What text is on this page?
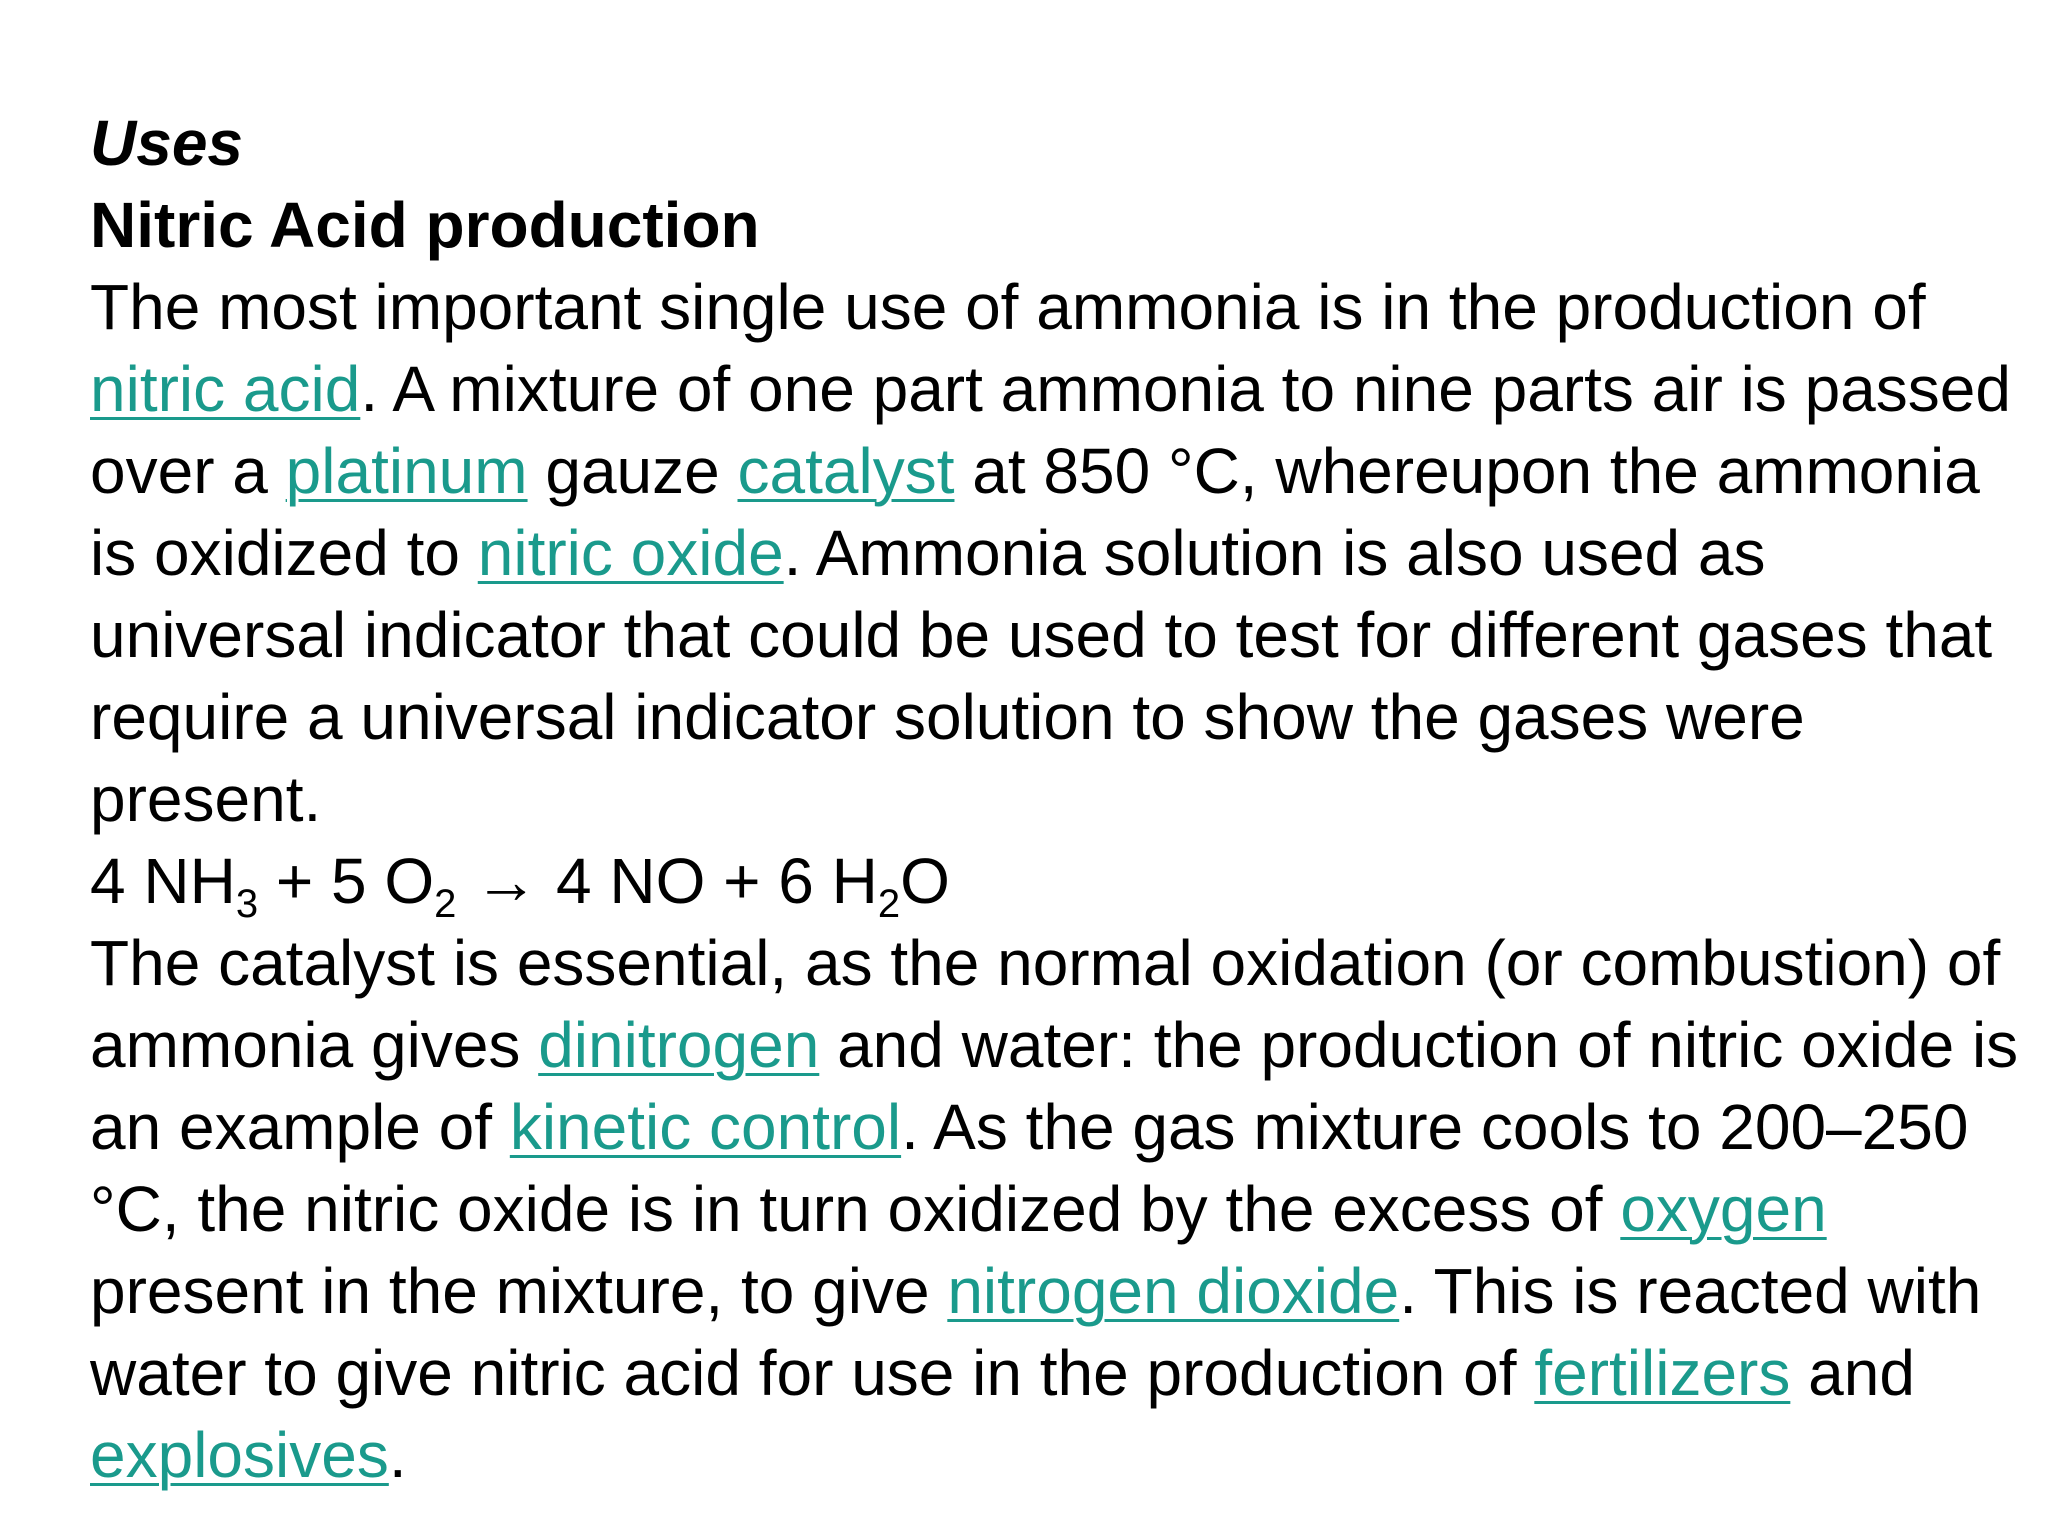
Uses
Nitric Acid production

The most important single use of ammonia is in the production of nitric acid. A mixture of one part ammonia to nine parts air is passed over a platinum gauze catalyst at 850 °C, whereupon the ammonia is oxidized to nitric oxide. Ammonia solution is also used as universal indicator that could be used to test for different gases that require a universal indicator solution to show the gases were present.

4 $NH_3 + 5$ $O_2 \to 4$ NO + 6 $H_2O$

The catalyst is essential, as the normal oxidation (or combustion) of ammonia gives dinitrogen and water: the production of nitric oxide is an example of kinetic control. As the gas mixture cools to 200–250 °C, the nitric oxide is in turn oxidized by the excess of oxygen present in the mixture, to give nitrogen dioxide. This is reacted with water to give nitric acid for use in the production of fertilizers and explosives.
